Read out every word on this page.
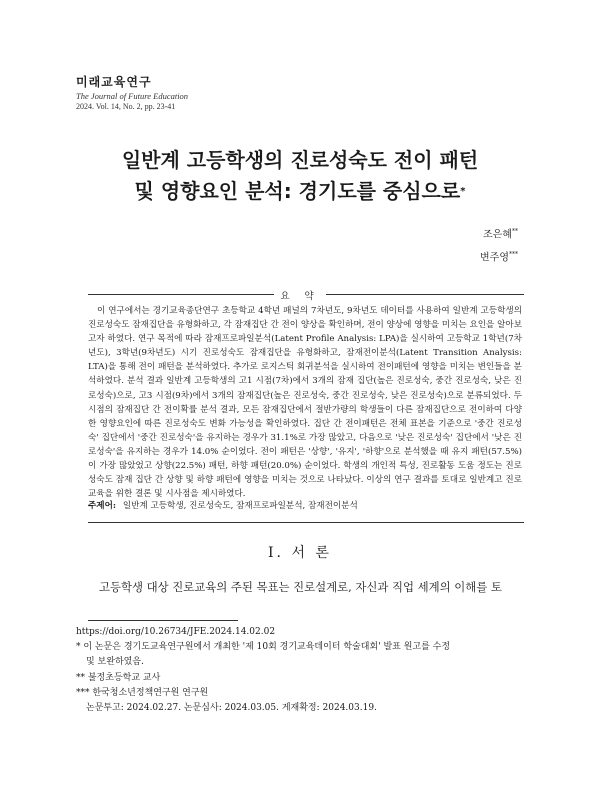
미래교육연구
The Journal of Future Education
2024. Vol. 14, No. 2, pp. 23-41
일반계 고등학생의 진로성숙도 전이 패턴
및 영향요인 분석: 경기도를 중심으로*
조은혜**
변주영***
요 약
이 연구에서는 경기교육종단연구 초등학교 4학년 패널의 7차년도, 9차년도 데이터를 사용하여 일반계 고등학생의 진로성숙도 잠재집단을 유형화하고, 각 잠재집단 간 전이 양상을 확인하며, 전이 양상에 영향을 미치는 요인을 알아보고자 하였다. 연구 목적에 따라 잠재프로파일분석(Latent Profile Analysis: LPA)을 실시하여 고등학교 1학년(7차년도), 3학년(9차년도) 시기 진로성숙도 잠재집단을 유형화하고, 잠재전이분석(Latent Transition Analysis: LTA)을 통해 전이 패턴을 분석하였다. 추가로 로지스틱 회귀분석을 실시하여 전이패턴에 영향을 미치는 변인들을 분석하였다. 분석 결과 일반계 고등학생의 고1 시점(7차)에서 3개의 잠재 집단(높은 진로성숙, 중간 진로성숙, 낮은 진로성숙)으로, 고3 시점(9차)에서 3개의 잠재집단(높은 진로성숙, 중간 진로성숙, 낮은 진로성숙)으로 분류되었다. 두 시점의 잠재집단 간 전이확률 분석 결과, 모든 잠재집단에서 절반가량의 학생들이 다른 잠재집단으로 전이하여 다양한 영향요인에 따른 진로성숙도 변화 가능성을 확인하였다. 집단 간 전이패턴은 전체 표본을 기준으로 '중간 진로성숙' 집단에서 '중간 진로성숙'을 유지하는 경우가 31.1%로 가장 많았고, 다음으로 '낮은 진로성숙' 집단에서 '낮은 진로성숙'을 유지하는 경우가 14.0% 순이었다. 전이 패턴은 '상향', '유지', '하향'으로 분석했을 때 유지 패턴(57.5%)이 가장 많았었고 상향(22.5%) 패턴, 하향 패턴(20.0%) 순이었다. 학생의 개인적 특성, 진로활동 도움 정도는 진로성숙도 잠재 집단 간 상향 및 하향 패턴에 영향을 미치는 것으로 나타났다. 이상의 연구 결과를 토대로 일반계고 진로교육을 위한 결론 및 시사점을 제시하였다.
주제어: 일반계 고등학생, 진로성숙도, 잠재프로파일분석, 잠재전이분석
Ⅰ. 서 론
고등학생 대상 진로교육의 주된 목표는 진로설계로, 자신과 직업 세계의 이해를 토
https://doi.org/10.26734/JFE.2024.14.02.02
* 이 논문은 경기도교육연구원에서 개최한 '제 10회 경기교육데이터 학술대회' 발표 원고를 수정
및 보완하였음.
** 불정초등학교 교사
*** 한국청소년정책연구원 연구원
논문투고: 2024.02.27. 논문심사: 2024.03.05. 게재확정: 2024.03.19.
